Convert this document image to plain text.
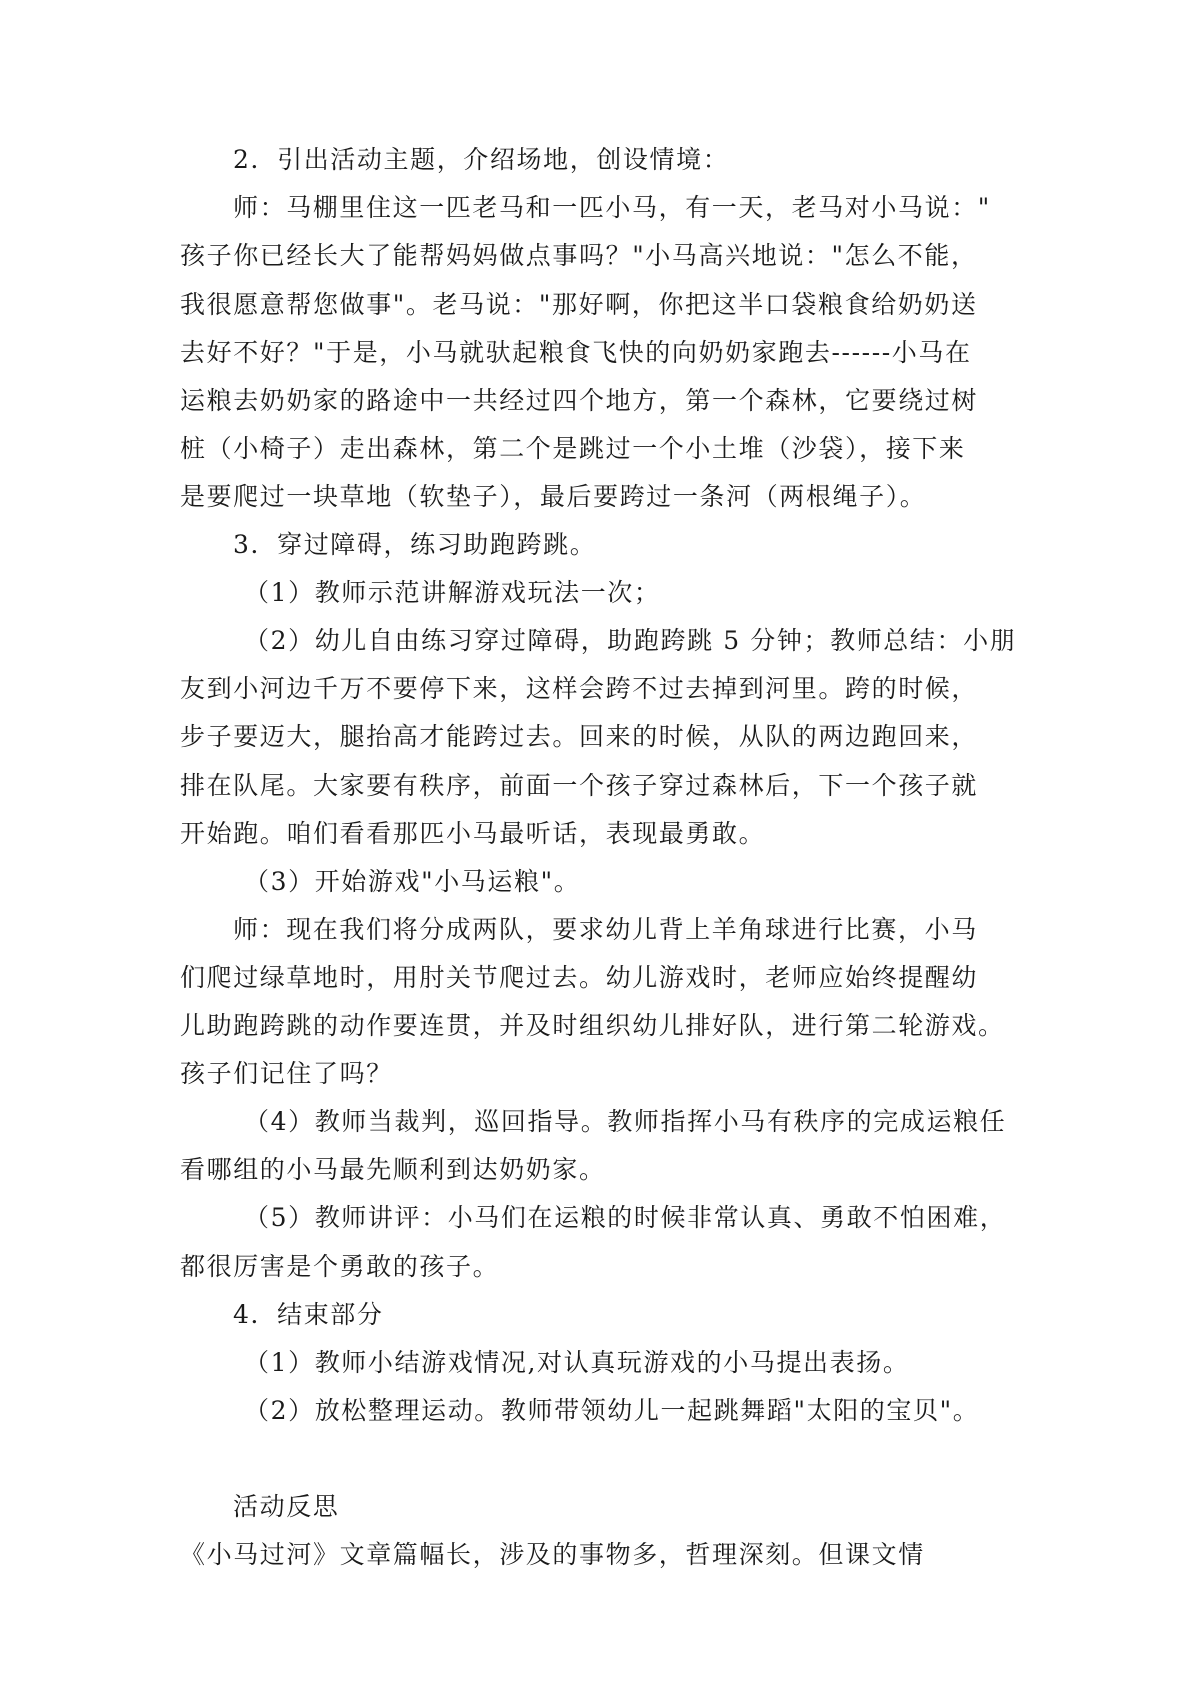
2．引出活动主题，介绍场地，创设情境：
师：马棚里住这一匹老马和一匹小马，有一天，老马对小马说："
孩子你已经长大了能帮妈妈做点事吗？"小马高兴地说："怎么不能，
我很愿意帮您做事"。老马说："那好啊，你把这半口袋粮食给奶奶送
去好不好？"于是，小马就驮起粮食飞快的向奶奶家跑去------小马在
运粮去奶奶家的路途中一共经过四个地方，第一个森林，它要绕过树
桩（小椅子）走出森林，第二个是跳过一个小土堆（沙袋），接下来
是要爬过一块草地（软垫子），最后要跨过一条河（两根绳子）。
3．穿过障碍，练习助跑跨跳。
（1）教师示范讲解游戏玩法一次；
（2）幼儿自由练习穿过障碍，助跑跨跳 5 分钟；教师总结：小朋
友到小河边千万不要停下来，这样会跨不过去掉到河里。跨的时候，
步子要迈大，腿抬高才能跨过去。回来的时候，从队的两边跑回来，
排在队尾。大家要有秩序，前面一个孩子穿过森林后，下一个孩子就
开始跑。咱们看看那匹小马最听话，表现最勇敢。
（3）开始游戏"小马运粮"。
师：现在我们将分成两队，要求幼儿背上羊角球进行比赛，小马
们爬过绿草地时，用肘关节爬过去。幼儿游戏时，老师应始终提醒幼
儿助跑跨跳的动作要连贯，并及时组织幼儿排好队，进行第二轮游戏。
孩子们记住了吗？
（4）教师当裁判，巡回指导。教师指挥小马有秩序的完成运粮任
看哪组的小马最先顺利到达奶奶家。
（5）教师讲评：小马们在运粮的时候非常认真、勇敢不怕困难，
都很厉害是个勇敢的孩子。
4．结束部分
（1）教师小结游戏情况,对认真玩游戏的小马提出表扬。
（2）放松整理运动。教师带领幼儿一起跳舞蹈"太阳的宝贝"。
活动反思
《小马过河》文章篇幅长，涉及的事物多，哲理深刻。但课文情
